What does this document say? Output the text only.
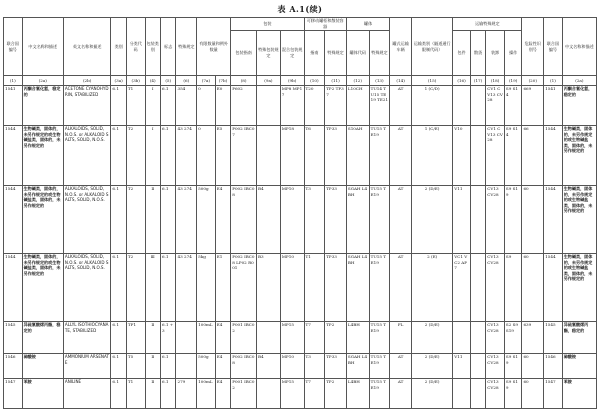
表 A.1(续)
联合国编号	中文名称和描述	英文名称和描述	类别	分类代码	包装类别	标志	特殊规定	有限数量和例外数量		包装			可移动罐柜和散装容器		罐体		罐式运输车辆	运输类别（隧道通行限制代码）	运输特殊规定				危险性识别号	联合国编号	中文名称和描述
										包装指南	特殊包装规定	混合包装规定	指南	特殊规定	罐体代码	特殊规定			包件	散货	装卸	操作			
(1)	(2a)	(2b)	(3a)	(3b)	(4)	(5)	(6)	(7a)	(7b)	(8)	(9a)	(9b)	(10)	(11)	(12)	(13)	(14)	(15)	(16)	(17)	(18)	(19)	(20)	(1)	(2a)
1541	丙酮合氰化氢，稳定的	ACETONE CYANOHYDRIN, STABILIZED	6.1	T1	Ⅰ	6.1	354	0	E0	P602		MP8 MP17	T20	TP2 TP37	L10CH	TU14 TU15 TE19 TE21	AT	1 (C/D)			CV1 CV13 CV28	S9 S14	669	1541	丙酮合氰化氢，稳定的
1544	生物碱类，固体的，未另作规定的或生物碱盐类，固体的，未另作规定的	ALKALOIDS, SOLID, N.O.S. or ALKALOID SALTS, SOLID, N.O.S.	6.1	T2	Ⅰ	6.1	43 274	0	E5	P002 IBC07		MP18	T6	TP33	S10AH	TU15 TE19	AT	1 (C/E)	V10		CV1 CV13 CV28	S9 S14	66	1544	生物碱类，固体的，未另作规定的或生物碱盐类，固体的，未另作规定的
1544	生物碱类，固体的，未另作规定的或生物碱盐类，固体的，未另作规定的	ALKALOIDS, SOLID, N.O.S. or ALKALOID SALTS, SOLID, N.O.S.	6.1	T2	Ⅱ	6.1	43 274	500g	E4	P002 IBC08	B4	MP10	T3	TP33	SGAH L4BH	TU15 TE19	AT	2 (D/E)	V11		CV13 CV28	S9 S19	60	1544	生物碱类，固体的，未另作规定的或生物碱盐类，固体的，未另作规定的
1544	生物碱类，固体的，未另作规定的或生物碱盐类，固体的，未另作规定的	ALKALOIDS, SOLID, N.O.S. or ALKALOID SALTS, SOLID, N.O.S.	6.1	T2	Ⅲ	6.1	43 274	5kg	E1	P002 IBC08 LP02 R001	B3	MP10	T1	TP33	SGAH L4BH	TU15 TE19	AT	2 (E)	VC1 VC2 AP7		CV13 CV28	S9	60	1544	生物碱类，固体的，未另作规定的或生物碱盐类，固体的，未另作规定的
1545	异硫氰酸烯丙酯，稳定的	ALLYL ISOTHIOCYANATE, STABILIZED	6.1	TF1	Ⅱ	6.1 +3		100mL	E4	P001 IBC02		MP15	T7	TP2	L4BH	TU15 TE19	FL	2 (D/E)			CV13 CV28	S2 S9 S19	639	1545	异硫氰酸烯丙酯，稳定的
1546	砷酸铵	AMMONIUM ARSENATE	6.1	T5	Ⅱ	6.1		500g	E4	P002 IBC08	B4	MP10	T3	TP33	SGAH L4BH	TU15 TE19	AT	2 (D/E)	V11		CV13 CV28	S9 S19	60	1546	砷酸铵
1547	苯胺	ANILINE	6.1	T1	Ⅱ	6.1	279	100mL	E4	P001 IBC02		MP15	T7	TP2	L4BH	TU15 TE19	AT	2 (D/E)			CV13 CV28	S9 S19	60	1547	苯胺
